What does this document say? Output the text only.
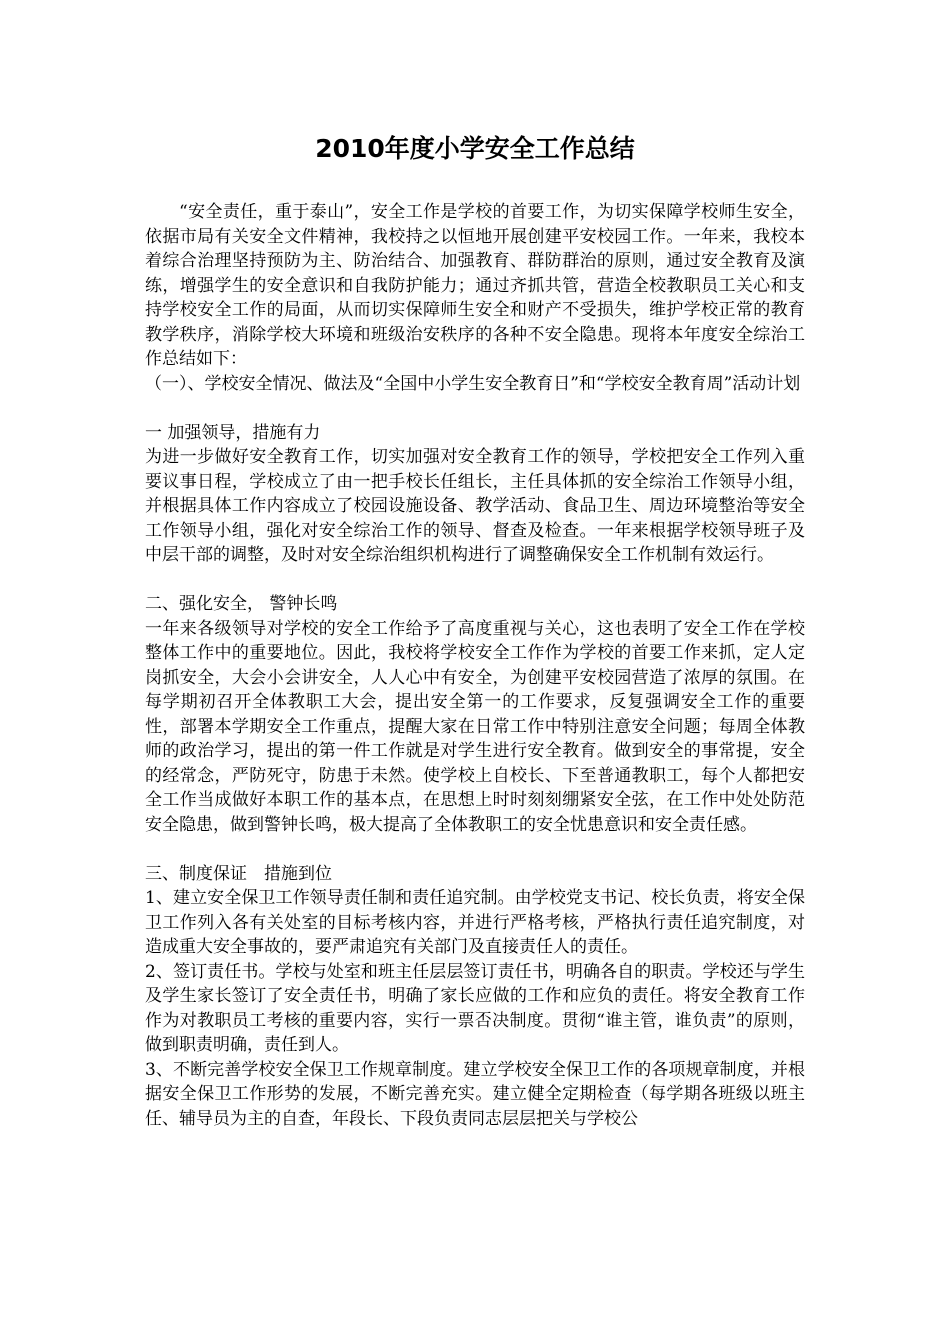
2010年度小学安全工作总结

“安全责任，重于泰山”，安全工作是学校的首要工作，为切实保障学校师生安全，依据市局有关安全文件精神，我校持之以恒地开展创建平安校园工作。一年来，我校本着综合治理坚持预防为主、防治结合、加强教育、群防群治的原则，通过安全教育及演练，增强学生的安全意识和自我防护能力；通过齐抓共管，营造全校教职员工关心和支持学校安全工作的局面，从而切实保障师生安全和财产不受损失，维护学校正常的教育教学秩序，消除学校大环境和班级治安秩序的各种不安全隐患。现将本年度安全综治工作总结如下：

（一）、学校安全情况、做法及“全国中小学生安全教育日”和“学校安全教育周”活动计划

一 加强领导，措施有力

为进一步做好安全教育工作，切实加强对安全教育工作的领导，学校把安全工作列入重要议事日程，学校成立了由一把手校长任组长，主任具体抓的安全综治工作领导小组，并根据具体工作内容成立了校园设施设备、教学活动、食品卫生、周边环境整治等安全工作领导小组，强化对安全综治工作的领导、督查及检查。一年来根据学校领导班子及中层干部的调整，及时对安全综治组织机构进行了调整确保安全工作机制有效运行。

二、强化安全， 警钟长鸣

一年来各级领导对学校的安全工作给予了高度重视与关心，这也表明了安全工作在学校整体工作中的重要地位。因此，我校将学校安全工作作为学校的首要工作来抓，定人定岗抓安全，大会小会讲安全，人人心中有安全，为创建平安校园营造了浓厚的氛围。在每学期初召开全体教职工大会，提出安全第一的工作要求，反复强调安全工作的重要性，部署本学期安全工作重点，提醒大家在日常工作中特别注意安全问题；每周全体教师的政治学习，提出的第一件工作就是对学生进行安全教育。做到安全的事常提，安全的经常念，严防死守，防患于未然。使学校上自校长、下至普通教职工，每个人都把安全工作当成做好本职工作的基本点，在思想上时时刻刻绷紧安全弦，在工作中处处防范安全隐患，做到警钟长鸣，极大提高了全体教职工的安全忧患意识和安全责任感。

三、制度保证　措施到位

1、建立安全保卫工作领导责任制和责任追究制。由学校党支书记、校长负责，将安全保卫工作列入各有关处室的目标考核内容，并进行严格考核，严格执行责任追究制度，对造成重大安全事故的，要严肃追究有关部门及直接责任人的责任。

2、签订责任书。学校与处室和班主任层层签订责任书，明确各自的职责。学校还与学生及学生家长签订了安全责任书，明确了家长应做的工作和应负的责任。将安全教育工作作为对教职员工考核的重要内容，实行一票否决制度。贯彻“谁主管，谁负责”的原则，做到职责明确，责任到人。

3、不断完善学校安全保卫工作规章制度。建立学校安全保卫工作的各项规章制度，并根据安全保卫工作形势的发展，不断完善充实。建立健全定期检查（每学期各班级以班主任、辅导员为主的自查，年段长、下段负责同志层层把关与学校公
